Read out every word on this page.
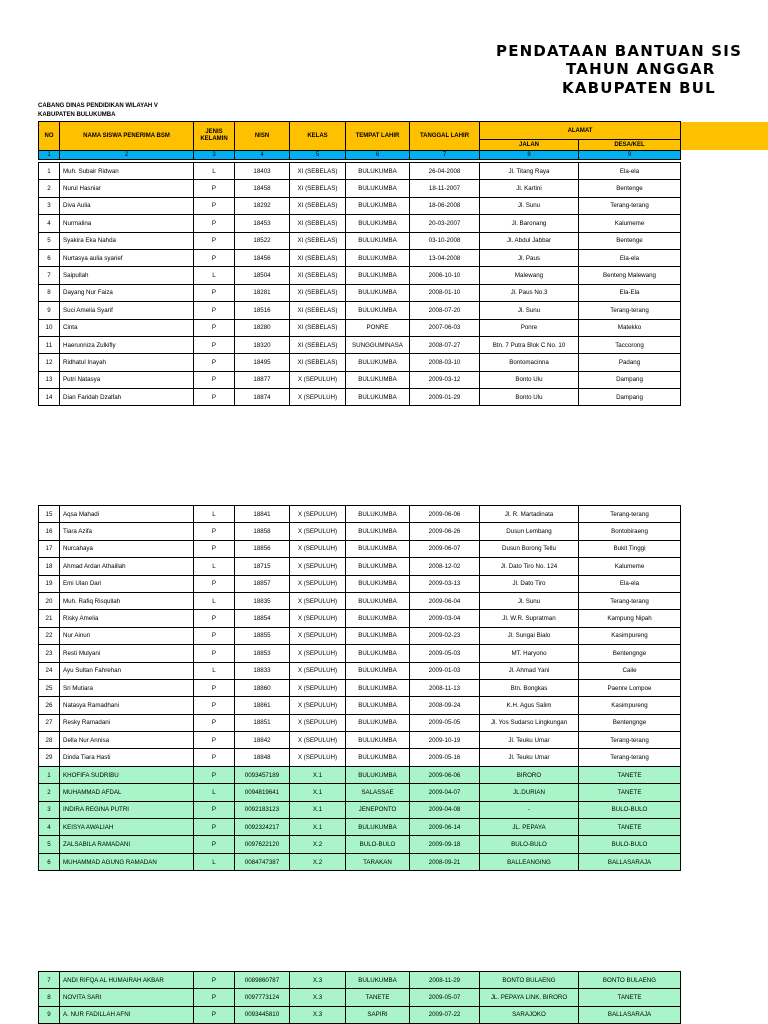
PENDATAAN BANTUAN SIS
TAHUN ANGGAR
KABUPATEN BUL
CABANG DINAS PENDIDIKAN WILAYAH V
KABUPATEN BULUKUMBA
NO	NAMA SISWA PENERIMA BSM	JENIS KELAMIN	NISN	KELAS	TEMPAT LAHIR	TANGGAL LAHIR	ALAMAT	
							JALAN	DESA/KEL
1	2	3	4	5	6	7	8	9
1	Muh. Subair Ridwan	L	18403	XI (SEBELAS)	BULUKUMBA	26-04-2008	Jl. Titang Raya	Ela-ela
2	Nurul Hasniar	P	18458	XI (SEBELAS)	BULUKUMBA	18-11-2007	Jl. Kartini	Bentenge
3	Diva Aulia	P	18292	XI (SEBELAS)	BULUKUMBA	18-06-2008	Jl. Sunu	Terang-terang
4	Nurmalina	P	18453	XI (SEBELAS)	BULUKUMBA	20-03-2007	Jl. Baronang	Kalumeme
5	Syakira Eka Nahda	P	18522	XI (SEBELAS)	BULUKUMBA	03-10-2008	Jl. Abdul Jabbar	Bentenge
6	Nurtasya aulia syarief	P	18456	XI (SEBELAS)	BULUKUMBA	13-04-2008	Jl. Paus	Ela-ela
7	Saipullah	L	18504	XI (SEBELAS)	BULUKUMBA	2006-10-10	Malewang	Benteng Malewang
8	Dayang Nur Faiza	P	18281	XI (SEBELAS)	BULUKUMBA	2008-01-10	Jl. Paus No.3	Ela-Ela
9	Suci Amelia Syarif	P	18516	XI (SEBELAS)	BULUKUMBA	2008-07-20	Jl. Sunu	Terang-terang
10	Cinta	P	18280	XI (SEBELAS)	PONRE	2007-06-03	Ponre	Matekko
11	Haerunniza Zulkifly	P	18320	XI (SEBELAS)	SUNGGUMINASA	2008-07-27	Btn. 7 Putra Blok C No. 10	Taccorong
12	Ridhatul Inayah	P	18495	XI (SEBELAS)	BULUKUMBA	2008-03-10	Bontomacinna	Padang
13	Putri Natasya	P	18877	X (SEPULUH)	BULUKUMBA	2009-03-12	Bonto Ulu	Dampang
14	Dian Faridah Dzalfah	P	18874	X (SEPULUH)	BULUKUMBA	2009-01-29	Bonto Ulu	Dampang
15	Aqsa Mahadi	L	18841	X (SEPULUH)	BULUKUMBA	2009-06-06	Jl. R. Martadinata	Terang-terang
16	Tiara Azifa	P	18858	X (SEPULUH)	BULUKUMBA	2009-06-26	Dusun Lembang	Bontobiraeng
17	Nurcahaya	P	18856	X (SEPULUH)	BULUKUMBA	2009-06-07	Dusun Borong Tellu	Bukit Tinggi
18	Ahmad Ardan Athaillah	L	18715	X (SEPULUH)	BULUKUMBA	2008-12-02	Jl. Dato Tiro No. 124	Kalumeme
19	Emi Ulan Dari	P	18857	X (SEPULUH)	BULUKUMBA	2009-03-13	Jl. Dato Tiro	Ela-ela
20	Muh. Rafiq Risqullah	L	18835	X (SEPULUH)	BULUKUMBA	2009-06-04	Jl. Sunu	Terang-terang
21	Risky Amelia	P	18854	X (SEPULUH)	BULUKUMBA	2009-03-04	Jl. W.R. Supratman	Kampung Nipah
22	Nur Ainun	P	18855	X (SEPULUH)	BULUKUMBA	2009-02-23	Jl. Sungai Bialo	Kasimpureng
23	Resti Mulyani	P	18853	X (SEPULUH)	BULUKUMBA	2009-05-03	MT. Haryono	Bentengnge
24	Ayu Sultan Fahrehan	L	18833	X (SEPULUH)	BULUKUMBA	2009-01-03	Jl. Ahmad Yani	Caile
25	Sri Mutiara	P	18860	X (SEPULUH)	BULUKUMBA	2008-11-13	Btn. Bongkas	Paenre Lompoe
26	Natasya Ramadhani	P	18861	X (SEPULUH)	BULUKUMBA	2008-09-24	K.H. Agus Salim	Kasimpureng
27	Resky Ramadani	P	18851	X (SEPULUH)	BULUKUMBA	2009-05-05	Jl. Yos Sudarso Lingkungan	Bentengnge
28	Della Nur Annisa	P	18842	X (SEPULUH)	BULUKUMBA	2009-10-19	Jl. Teuku Umar	Terang-terang
29	Dinda Tiara Hasti	P	18848	X (SEPULUH)	BULUKUMBA	2009-05-16	Jl. Teuku Umar	Terang-terang
1	KHOFIFA SUDRIBU	P	0093457189	X.1	BULUKUMBA	2009-06-06	BIRORO	TANETE
2	MUHAMMAD AFDAL	L	0094819641	X.1	SALASSAE	2009-04-07	JL.DURIAN	TANETE
3	INDIRA REGINA PUTRI	P	0092183123	X.1	JENEPONTO	2009-04-08	-	BULO-BULO
4	KEISYA AWALIAH	P	0092324217	X.1	BULUKUMBA	2009-06-14	JL. PEPAYA	TANETE
5	ZALSABILA RAMADANI	P	0097622120	X.2	BULO-BULO	2009-09-18	BULO-BULO	BULO-BULO
6	MUHAMMAD AGUNG RAMADAN	L	0084747387	X.2	TARAKAN	2008-09-21	BALLEANGING	BALLASARAJA
7	ANDI RIFQA AL HUMAIRAH AKBAR	P	0089860787	X.3	BULUKUMBA	2008-11-29	BONTO BULAENG	BONTO BULAENG
8	NOVITA SARI	P	0097773124	X.3	TANETE	2009-05-07	JL. PEPAYA LINK. BIRORO	TANETE
9	A. NUR FADILLAH AFNI	P	0093445810	X.3	SAPIRI	2009-07-22	SARAJOKO	BALLASARAJA
